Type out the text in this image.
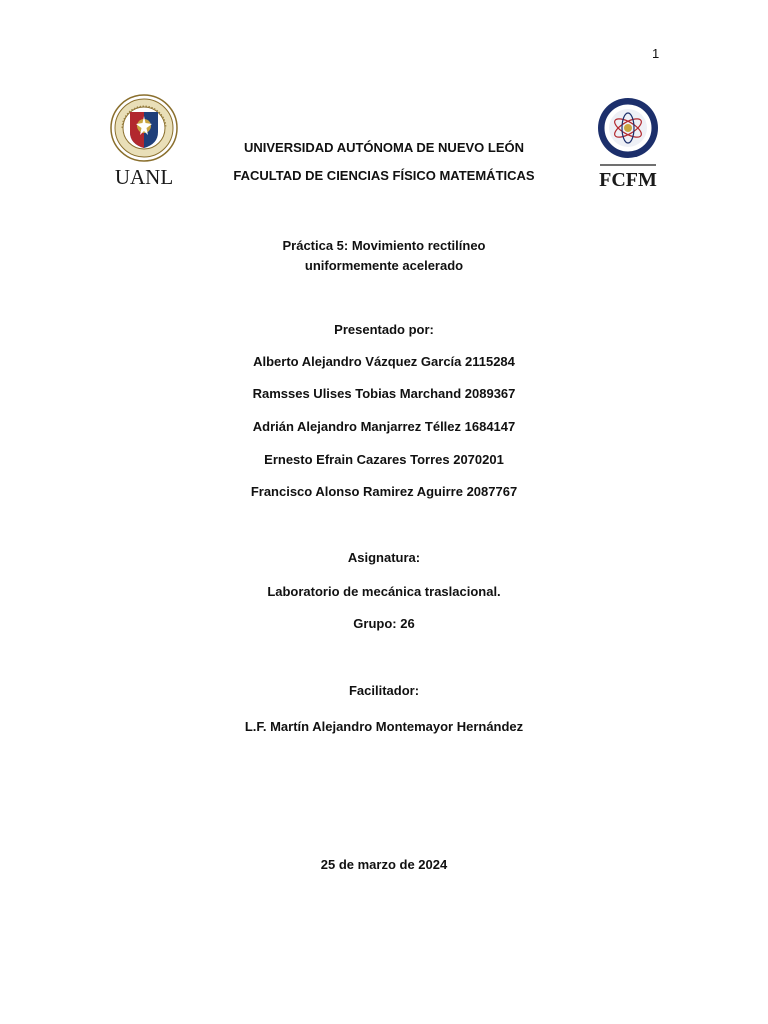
1
UANL	FCFM
UNIVERSIDAD AUTÓNOMA DE NUEVO LEÓN
FACULTAD DE CIENCIAS FÍSICO MATEMÁTICAS
Práctica 5: Movimiento rectilíneo
uniformemente acelerado
Presentado por:
Alberto Alejandro Vázquez García 2115284
Ramsses Ulises Tobias Marchand 2089367
Adrián Alejandro Manjarrez Téllez 1684147
Ernesto Efrain Cazares Torres 2070201
Francisco Alonso Ramirez Aguirre 2087767
Asignatura:
Laboratorio de mecánica traslacional.
Grupo: 26
Facilitador:
L.F. Martín Alejandro Montemayor Hernández
25 de marzo de 2024
